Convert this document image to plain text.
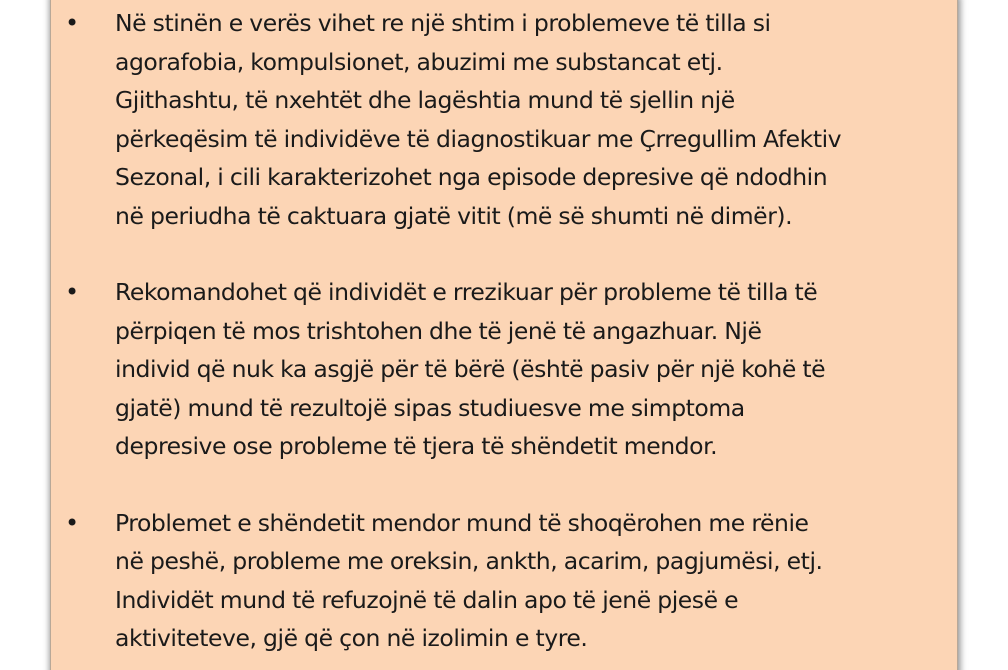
• Në stinën e verës vihet re një shtim i problemeve të tilla si
agorafobia, kompulsionet, abuzimi me substancat etj.
Gjithashtu, të nxehtët dhe lagështia mund të sjellin një
përkeqësim të individëve të diagnostikuar me Çrregullim Afektiv
Sezonal, i cili karakterizohet nga episode depresive që ndodhin
në periudha të caktuara gjatë vitit (më së shumti në dimër).
• Rekomandohet që individët e rrezikuar për probleme të tilla të
përpiqen të mos trishtohen dhe të jenë të angazhuar. Një
individ që nuk ka asgjë për të bërë (është pasiv për një kohë të
gjatë) mund të rezultojë sipas studiuesve me simptoma
depresive ose probleme të tjera të shëndetit mendor.
• Problemet e shëndetit mendor mund të shoqërohen me rënie
në peshë, probleme me oreksin, ankth, acarim, pagjumësi, etj.
Individët mund të refuzojnë të dalin apo të jenë pjesë e
aktiviteteve, gjë që çon në izolimin e tyre.
